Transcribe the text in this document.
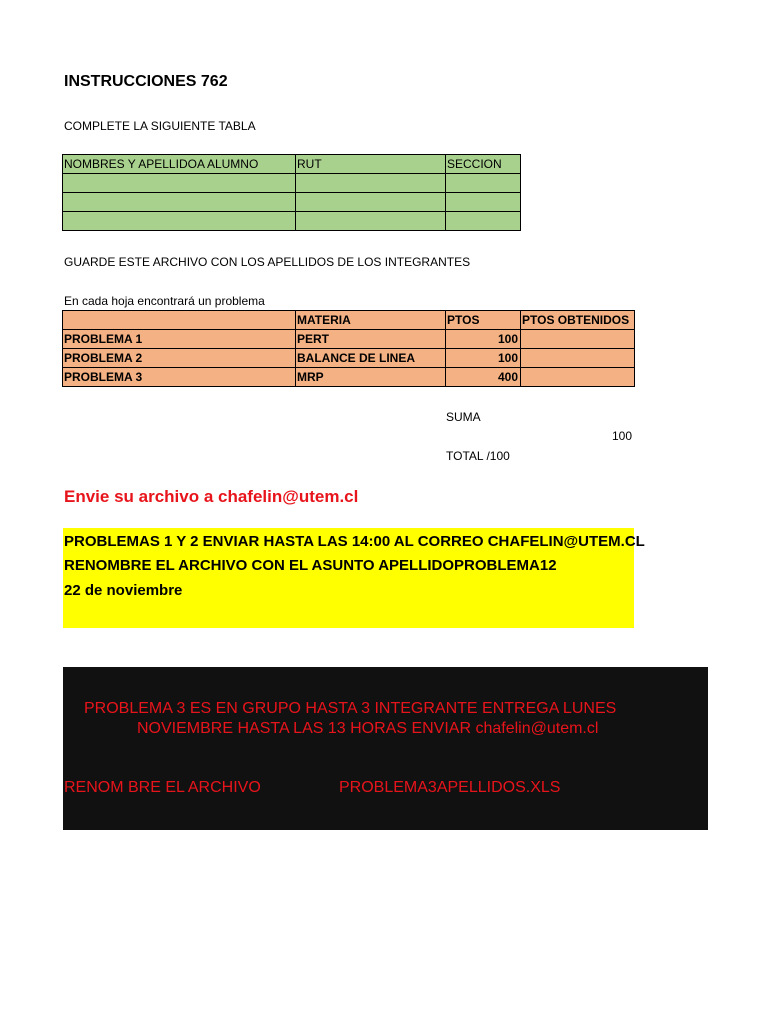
INSTRUCCIONES 762
COMPLETE LA SIGUIENTE TABLA
NOMBRES Y APELLIDOA ALUMNO	RUT	SECCION

GUARDE ESTE ARCHIVO CON LOS APELLIDOS DE LOS INTEGRANTES
En cada hoja encontrará un problema
	MATERIA	PTOS	PTOS OBTENIDOS
PROBLEMA 1	PERT	100	
PROBLEMA 2	BALANCE DE LINEA	100	
PROBLEMA 3	MRP	400	
SUMA
100
TOTAL /100
Envie su archivo a chafelin@utem.cl
PROBLEMAS 1 Y 2 ENVIAR HASTA LAS 14:00 AL CORREO CHAFELIN@UTEM.CL
RENOMBRE EL ARCHIVO CON EL ASUNTO APELLIDOPROBLEMA12
22 de noviembre
PROBLEMA 3 ES EN GRUPO HASTA 3 INTEGRANTE ENTREGA LUNES
NOVIEMBRE HASTA LAS 13 HORAS ENVIAR chafelin@utem.cl
RENOM BRE EL ARCHIVO	PROBLEMA3APELLIDOS.XLS
